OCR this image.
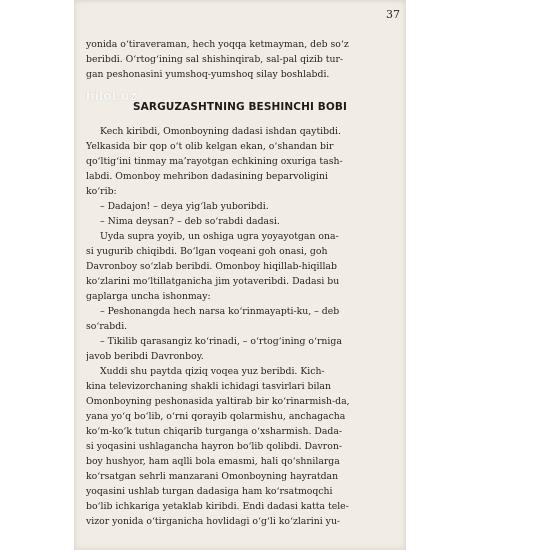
37
yonida o‘tiraveraman, hech yoqqa ketmayman, deb so‘z
beribdi. O‘rtog‘ining sal shishinqirab, sal-pal qizib tur-
gan peshonasini yumshoq-yumshoq silay boshlabdi.
hilol.uz
SARGUZASHTNING BESHINCHI BOBI
Kech kiribdi, Omonboyning dadasi ishdan qaytibdi.
Yelkasida bir qop o‘t olib kelgan ekan, o‘shandan bir
qo‘ltig‘ini tinmay ma’rayotgan echkining oxuriga tash-
labdi. Omonboy mehribon dadasining beparvoligini
ko‘rib:
– Dadajon! – deya yig‘lab yuboribdi.
– Nima deysan? – deb so‘rabdi dadasi.
Uyda supra yoyib, un oshiga ugra yoyayotgan ona-
si yugurib chiqibdi. Bo‘lgan voqeani goh onasi, goh
Davronboy so‘zlab beribdi. Omonboy hiqillab-hiqillab
ko‘zlarini mo‘ltillatganicha jim yotaveribdi. Dadasi bu
gaplarga uncha ishonmay:
– Peshonangda hech narsa ko‘rinmayapti-ku, – deb
so‘rabdi.
– Tikilib qarasangiz ko‘rinadi, – o‘rtog‘ining o‘rniga
javob beribdi Davronboy.
Xuddi shu paytda qiziq voqea yuz beribdi. Kich-
kina televizorchaning shakli ichidagi tasvirlari bilan
Omonboyning peshonasida yaltirab bir ko‘rinarmish-da,
yana yo‘q bo‘lib, o‘rni qorayib qolarmishu, anchagacha
ko‘m-ko‘k tutun chiqarib turganga o‘xsharmish. Dada-
si yoqasini ushlagancha hayron bo‘lib qolibdi. Davron-
boy hushyor, ham aqlli bola emasmi, hali qo‘shnilarga
ko‘rsatgan sehrli manzarani Omonboyning hayratdan
yoqasini ushlab turgan dadasiga ham ko‘rsatmoqchi
bo‘lib ichkariga yetaklab kiribdi. Endi dadasi katta tele-
vizor yonida o‘tirganicha hovlidagi o‘g‘li ko‘zlarini yu-
